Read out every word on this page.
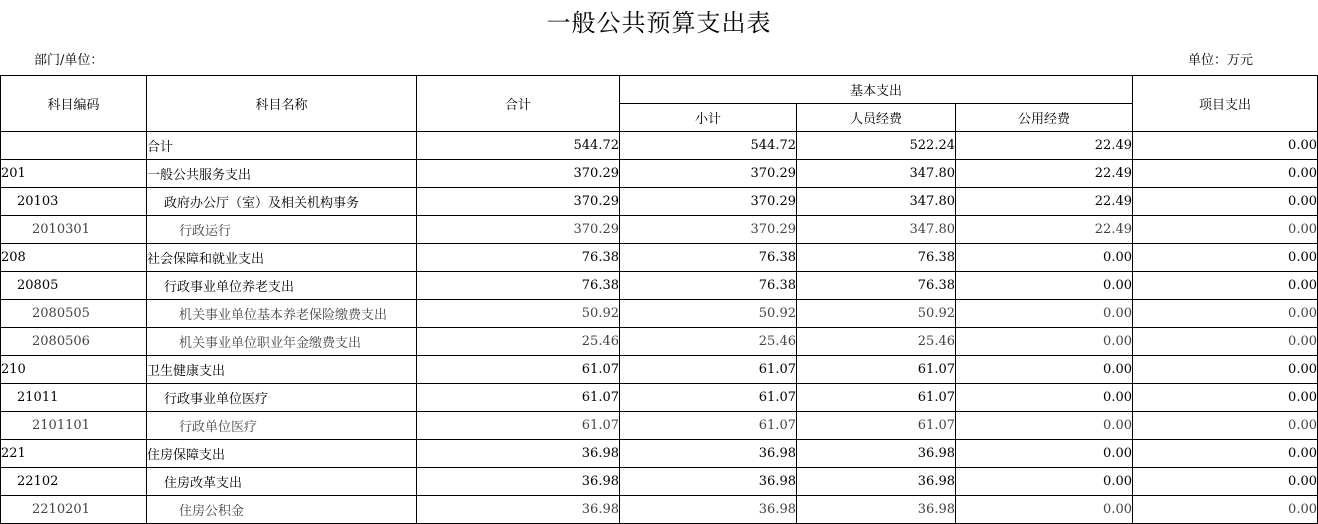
一般公共预算支出表
部门/单位：	单位：万元
科目编码	科目名称	合计	基本支出			项目支出
			小计	人员经费	公用经费	
	合计	544.72	544.72	522.24	22.49	0.00
201	一般公共服务支出	370.29	370.29	347.80	22.49	0.00
20103	政府办公厅（室）及相关机构事务	370.29	370.29	347.80	22.49	0.00
2010301	行政运行	370.29	370.29	347.80	22.49	0.00
208	社会保障和就业支出	76.38	76.38	76.38	0.00	0.00
20805	行政事业单位养老支出	76.38	76.38	76.38	0.00	0.00
2080505	机关事业单位基本养老保险缴费支出	50.92	50.92	50.92	0.00	0.00
2080506	机关事业单位职业年金缴费支出	25.46	25.46	25.46	0.00	0.00
210	卫生健康支出	61.07	61.07	61.07	0.00	0.00
21011	行政事业单位医疗	61.07	61.07	61.07	0.00	0.00
2101101	行政单位医疗	61.07	61.07	61.07	0.00	0.00
221	住房保障支出	36.98	36.98	36.98	0.00	0.00
22102	住房改革支出	36.98	36.98	36.98	0.00	0.00
2210201	住房公积金	36.98	36.98	36.98	0.00	0.00
